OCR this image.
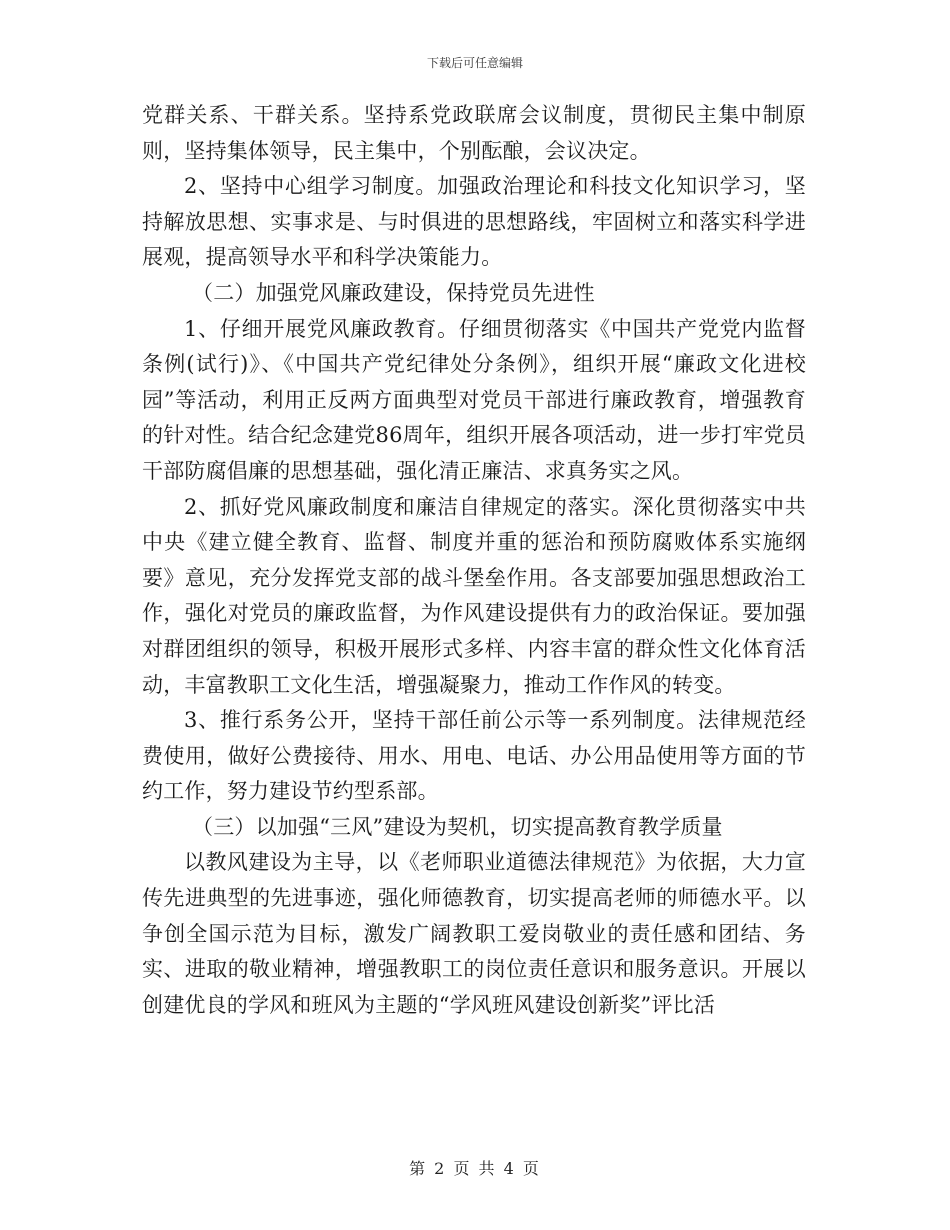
下载后可任意编辑

党群关系、干群关系。坚持系党政联席会议制度，贯彻民主集中制原则，坚持集体领导，民主集中，个别酝酿，会议决定。

2、坚持中心组学习制度。加强政治理论和科技文化知识学习，坚持解放思想、实事求是、与时俱进的思想路线，牢固树立和落实科学进展观，提高领导水平和科学决策能力。

（二）加强党风廉政建设，保持党员先进性

1、仔细开展党风廉政教育。仔细贯彻落实《中国共产党党内监督条例(试行)》、《中国共产党纪律处分条例》，组织开展“廉政文化进校园”等活动，利用正反两方面典型对党员干部进行廉政教育，增强教育的针对性。结合纪念建党86周年，组织开展各项活动，进一步打牢党员干部防腐倡廉的思想基础，强化清正廉洁、求真务实之风。

2、抓好党风廉政制度和廉洁自律规定的落实。深化贯彻落实中共中央《建立健全教育、监督、制度并重的惩治和预防腐败体系实施纲要》意见，充分发挥党支部的战斗堡垒作用。各支部要加强思想政治工作，强化对党员的廉政监督，为作风建设提供有力的政治保证。要加强对群团组织的领导，积极开展形式多样、内容丰富的群众性文化体育活动，丰富教职工文化生活，增强凝聚力，推动工作作风的转变。

3、推行系务公开，坚持干部任前公示等一系列制度。法律规范经费使用，做好公费接待、用水、用电、电话、办公用品使用等方面的节约工作，努力建设节约型系部。

（三）以加强“三风”建设为契机，切实提高教育教学质量

以教风建设为主导，以《老师职业道德法律规范》为依据，大力宣传先进典型的先进事迹，强化师德教育，切实提高老师的师德水平。以争创全国示范为目标，激发广阔教职工爱岗敬业的责任感和团结、务实、进取的敬业精神，增强教职工的岗位责任意识和服务意识。开展以创建优良的学风和班风为主题的“学风班风建设创新奖”评比活

第 2 页 共 4 页
